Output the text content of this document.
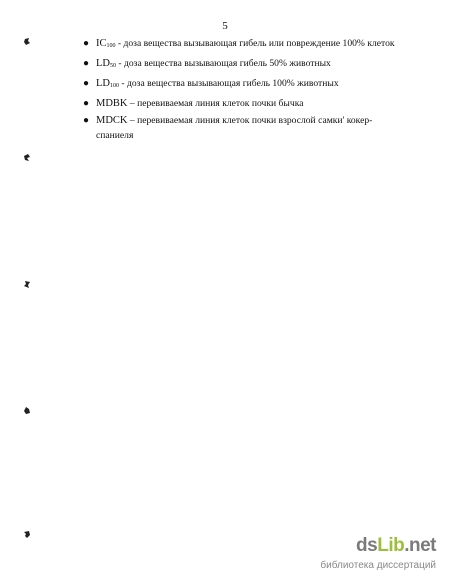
5
● $IC_{100}$ - доза вещества вызывающая гибель или повреждение 100% клеток
● $LD_{50}$ - доза вещества вызывающая гибель 50% животных
● $LD_{100}$ - доза вещества вызывающая гибель 100% животных
● MDBK – перевиваемая линия клеток почки бычка
● MDCK – перевиваемая линия клеток почки взрослой самки' кокер-спаниеля
dsLib.net
библиотека диссертаций
